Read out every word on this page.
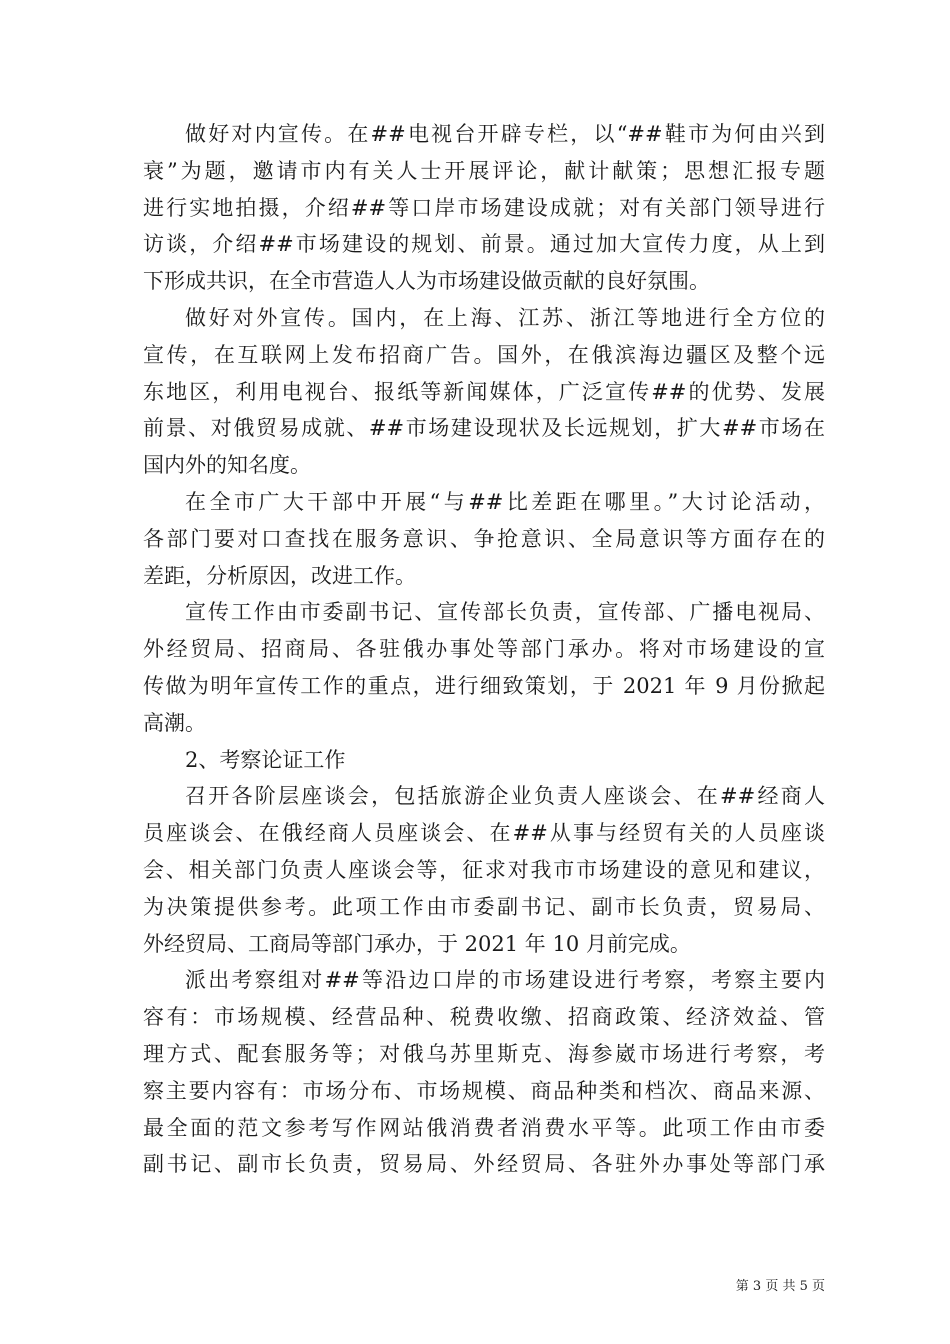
做好对内宣传。在##电视台开辟专栏，以“##鞋市为何由兴到
衰”为题，邀请市内有关人士开展评论，献计献策；思想汇报专题
进行实地拍摄，介绍##等口岸市场建设成就；对有关部门领导进行
访谈，介绍##市场建设的规划、前景。通过加大宣传力度，从上到
下形成共识，在全市营造人人为市场建设做贡献的良好氛围。
做好对外宣传。国内，在上海、江苏、浙江等地进行全方位的
宣传，在互联网上发布招商广告。国外，在俄滨海边疆区及整个远
东地区，利用电视台、报纸等新闻媒体，广泛宣传##的优势、发展
前景、对俄贸易成就、##市场建设现状及长远规划，扩大##市场在
国内外的知名度。
在全市广大干部中开展“与##比差距在哪里。”大讨论活动，
各部门要对口查找在服务意识、争抢意识、全局意识等方面存在的
差距，分析原因，改进工作。
宣传工作由市委副书记、宣传部长负责，宣传部、广播电视局、
外经贸局、招商局、各驻俄办事处等部门承办。将对市场建设的宣
传做为明年宣传工作的重点，进行细致策划，于 2021 年 9 月份掀起
高潮。
2、考察论证工作
召开各阶层座谈会，包括旅游企业负责人座谈会、在##经商人
员座谈会、在俄经商人员座谈会、在##从事与经贸有关的人员座谈
会、相关部门负责人座谈会等，征求对我市市场建设的意见和建议，
为决策提供参考。此项工作由市委副书记、副市长负责，贸易局、
外经贸局、工商局等部门承办，于 2021 年 10 月前完成。
派出考察组对##等沿边口岸的市场建设进行考察，考察主要内
容有：市场规模、经营品种、税费收缴、招商政策、经济效益、管
理方式、配套服务等；对俄乌苏里斯克、海参崴市场进行考察，考
察主要内容有：市场分布、市场规模、商品种类和档次、商品来源、
最全面的范文参考写作网站俄消费者消费水平等。此项工作由市委
副书记、副市长负责，贸易局、外经贸局、各驻外办事处等部门承
第 3 页 共 5 页
